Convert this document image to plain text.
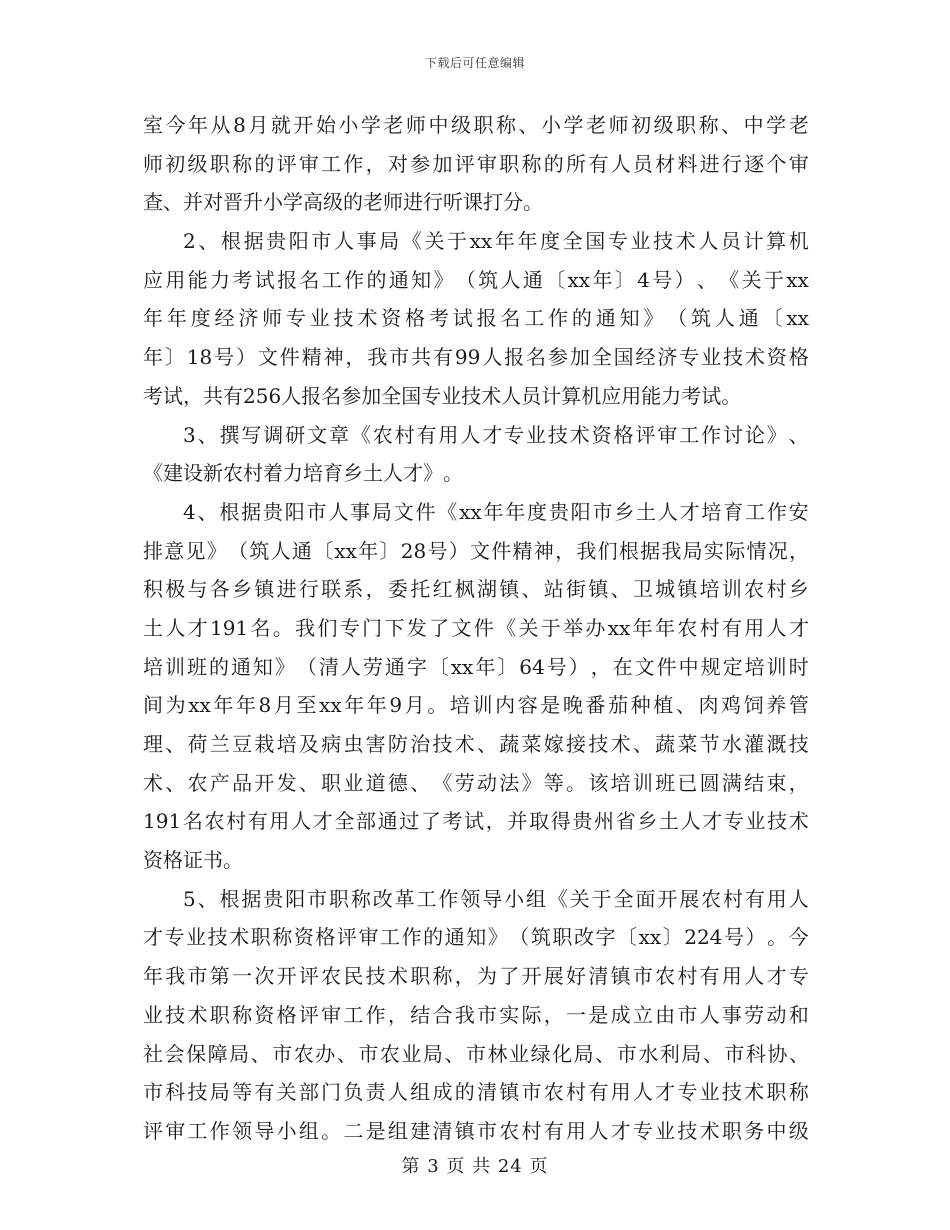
下载后可任意编辑
室 今 年 从 8 月 就 开 始 小 学 老 师 中 级 职 称 、 小 学 老 师 初 级 职 称 、 中 学 老
师 初 级 职 称 的 评 审 工 作 ， 对 参 加 评 审 职 称 的 所 有 人 员 材 料 进 行 逐 个 审
查 、 并 对 晋 升 小 学 高 级 的 老 师 进 行 听 课 打 分 。
2 、 根 据 贵 阳 市 人 事 局 《 关 于 xx 年 年 度 全 国 专 业 技 术 人 员 计 算 机
应 用 能 力 考 试 报 名 工 作 的 通 知 》 （ 筑 人 通 〔 xx 年 〕 4 号 ） 、 《 关 于 xx
年 年 度 经 济 师 专 业 技 术 资 格 考 试 报 名 工 作 的 通 知 》 （ 筑 人 通 〔 xx
年 〕 18 号 ） 文 件 精 神 ， 我 市 共 有 99 人 报 名 参 加 全 国 经 济 专 业 技 术 资 格
考 试 ， 共 有 256 人 报 名 参 加 全 国 专 业 技 术 人 员 计 算 机 应 用 能 力 考 试 。
3 、 撰 写 调 研 文 章 《 农 村 有 用 人 才 专 业 技 术 资 格 评 审 工 作 讨 论 》 、
《 建 设 新 农 村 着 力 培 育 乡 土 人 才 》 。
4 、 根 据 贵 阳 市 人 事 局 文 件 《 xx 年 年 度 贵 阳 市 乡 土 人 才 培 育 工 作 安
排 意 见 》 （ 筑 人 通 〔 xx 年 〕 28 号 ） 文 件 精 神 ， 我 们 根 据 我 局 实 际 情 况 ，
积 极 与 各 乡 镇 进 行 联 系 ， 委 托 红 枫 湖 镇 、 站 街 镇 、 卫 城 镇 培 训 农 村 乡
土 人 才 191 名 。 我 们 专 门 下 发 了 文 件 《 关 于 举 办 xx 年 年 农 村 有 用 人 才
培 训 班 的 通 知 》 （ 清 人 劳 通 字 〔 xx 年 〕 64 号 ） ， 在 文 件 中 规 定 培 训 时
间 为 xx 年 年 8 月 至 xx 年 年 9 月 。 培 训 内 容 是 晚 番 茄 种 植 、 肉 鸡 饲 养 管
理 、 荷 兰 豆 栽 培 及 病 虫 害 防 治 技 术 、 蔬 菜 嫁 接 技 术 、 蔬 菜 节 水 灌 溉 技
术 、 农 产 品 开 发 、 职 业 道 德 、 《 劳 动 法 》 等 。 该 培 训 班 已 圆 满 结 束 ，
191 名 农 村 有 用 人 才 全 部 通 过 了 考 试 ， 并 取 得 贵 州 省 乡 土 人 才 专 业 技 术
资 格 证 书 。
5 、 根 据 贵 阳 市 职 称 改 革 工 作 领 导 小 组 《 关 于 全 面 开 展 农 村 有 用 人
才 专 业 技 术 职 称 资 格 评 审 工 作 的 通 知 》 （ 筑 职 改 字 〔 xx 〕 224 号 ） 。 今
年 我 市 第 一 次 开 评 农 民 技 术 职 称 ， 为 了 开 展 好 清 镇 市 农 村 有 用 人 才 专
业 技 术 职 称 资 格 评 审 工 作 ， 结 合 我 市 实 际 ， 一 是 成 立 由 市 人 事 劳 动 和
社 会 保 障 局 、 市 农 办 、 市 农 业 局 、 市 林 业 绿 化 局 、 市 水 利 局 、 市 科 协 、
市 科 技 局 等 有 关 部 门 负 责 人 组 成 的 清 镇 市 农 村 有 用 人 才 专 业 技 术 职 称
评 审 工 作 领 导 小 组 。 二 是 组 建 清 镇 市 农 村 有 用 人 才 专 业 技 术 职 务 中 级
第 3 页 共 24 页
